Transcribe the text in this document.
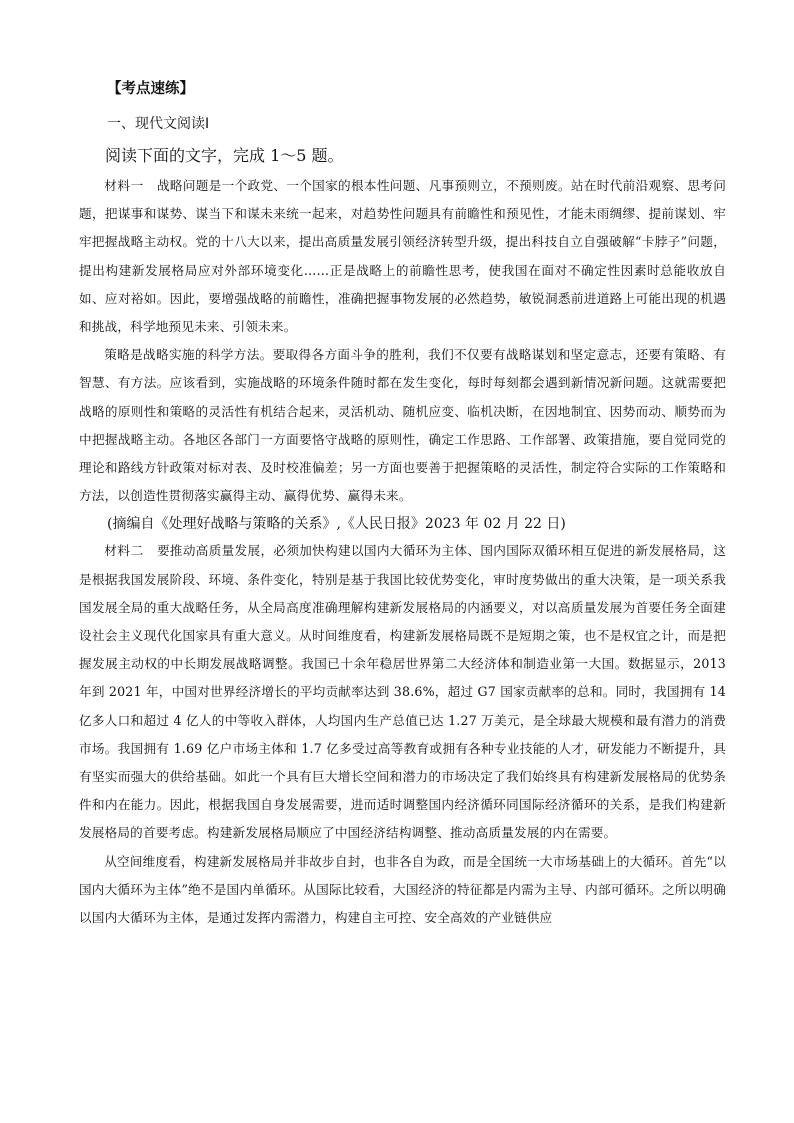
【考点速练】
一、现代文阅读Ⅰ
阅读下面的文字，完成 1～5 题。

材料一 战略问题是一个政党、一个国家的根本性问题、凡事预则立，不预则废。站在时代前沿观察、思考问题，把谋事和谋势、谋当下和谋未来统一起来，对趋势性问题具有前瞻性和预见性，才能未雨绸缪、提前谋划、牢牢把握战略主动权。党的十八大以来，提出高质量发展引领经济转型升级，提出科技自立自强破解“卡脖子”问题，提出构建新发展格局应对外部环境变化……正是战略上的前瞻性思考，使我国在面对不确定性因素时总能收放自如、应对裕如。因此，要增强战略的前瞻性，准确把握事物发展的必然趋势，敏锐洞悉前进道路上可能出现的机遇和挑战，科学地预见未来、引领未来。

策略是战略实施的科学方法。要取得各方面斗争的胜利，我们不仅要有战略谋划和坚定意志，还要有策略、有智慧、有方法。应该看到，实施战略的环境条件随时都在发生变化，每时每刻都会遇到新情况新问题。这就需要把战略的原则性和策略的灵活性有机结合起来，灵活机动、随机应变、临机决断，在因地制宜、因势而动、顺势而为中把握战略主动。各地区各部门一方面要恪守战略的原则性，确定工作思路、工作部署、政策措施，要自觉同党的理论和路线方针政策对标对表、及时校准偏差；另一方面也要善于把握策略的灵活性，制定符合实际的工作策略和方法，以创造性贯彻落实赢得主动、赢得优势、赢得未来。

(摘编自《处理好战略与策略的关系》,《人民日报》2023 年 02 月 22 日)

材料二 要推动高质量发展，必须加快构建以国内大循环为主体、国内国际双循环相互促进的新发展格局，这是根据我国发展阶段、环境、条件变化，特别是基于我国比较优势变化，审时度势做出的重大决策，是一项关系我国发展全局的重大战略任务，从全局高度准确理解构建新发展格局的内涵要义，对以高质量发展为首要任务全面建设社会主义现代化国家具有重大意义。从时间维度看，构建新发展格局既不是短期之策，也不是权宜之计，而是把握发展主动权的中长期发展战略调整。我国已十余年稳居世界第二大经济体和制造业第一大国。数据显示，2013 年到 2021 年，中国对世界经济增长的平均贡献率达到 38.6%，超过 G7 国家贡献率的总和。同时，我国拥有 14 亿多人口和超过 4 亿人的中等收入群体，人均国内生产总值已达 1.27 万美元，是全球最大规模和最有潜力的消费市场。我国拥有 1.69 亿户市场主体和 1.7 亿多受过高等教育或拥有各种专业技能的人才，研发能力不断提升，具有坚实而强大的供给基础。如此一个具有巨大增长空间和潜力的市场决定了我们始终具有构建新发展格局的优势条件和内在能力。因此，根据我国自身发展需要，进而适时调整国内经济循环同国际经济循环的关系，是我们构建新发展格局的首要考虑。构建新发展格局顺应了中国经济结构调整、推动高质量发展的内在需要。

从空间维度看，构建新发展格局并非故步自封，也非各自为政，而是全国统一大市场基础上的大循环。首先“以国内大循环为主体”绝不是国内单循环。从国际比较看，大国经济的特征都是内需为主导、内部可循环。之所以明确以国内大循环为主体，是通过发挥内需潜力，构建自主可控、安全高效的产业链供应
